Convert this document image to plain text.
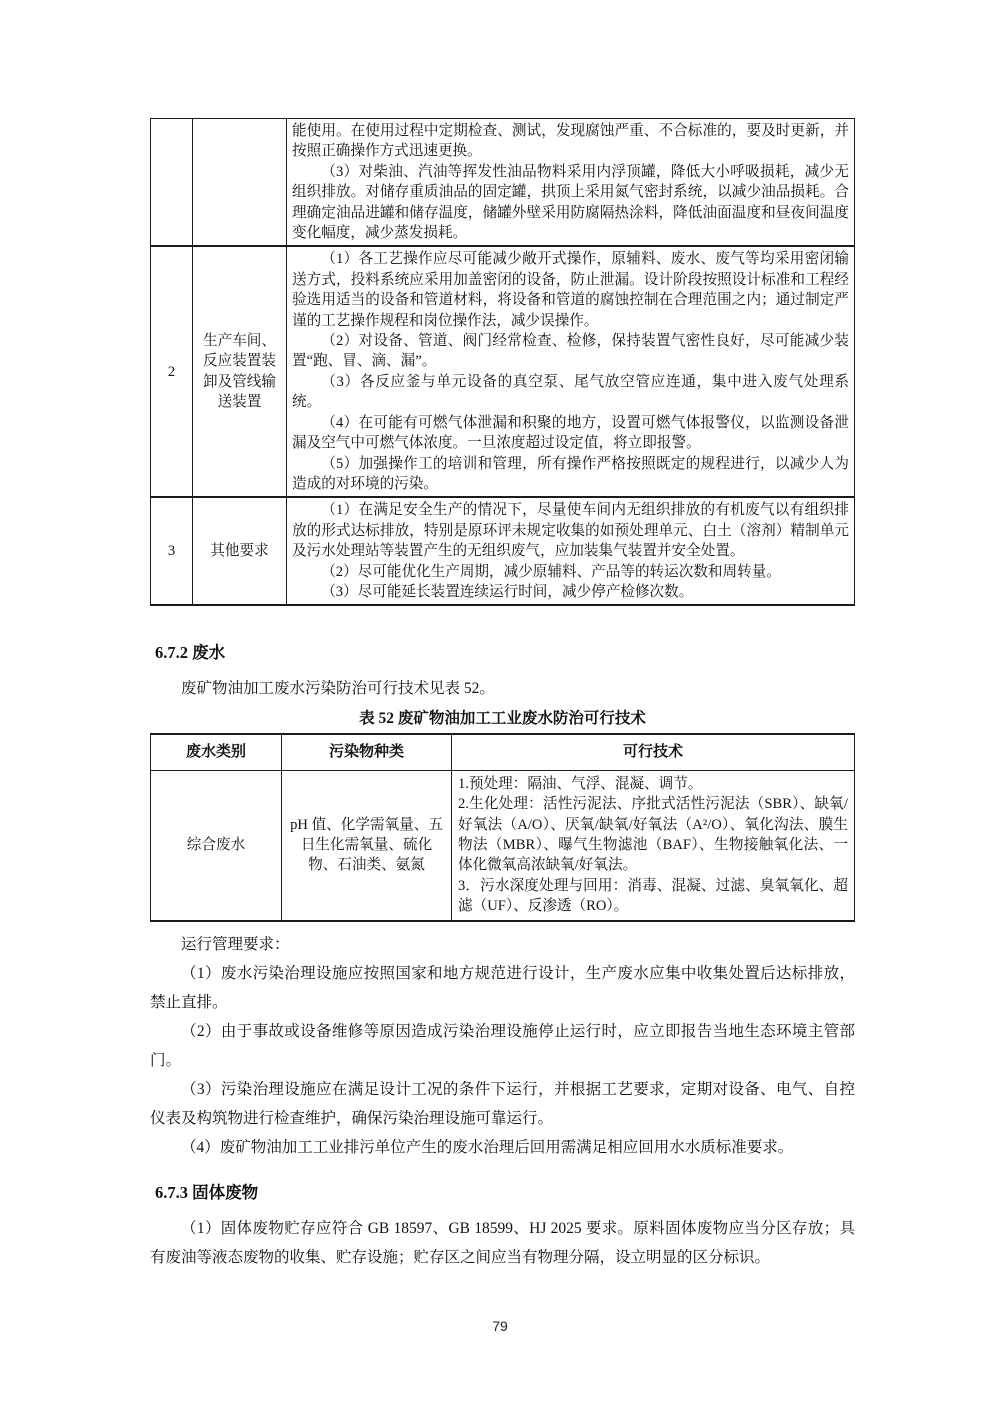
		能使用。在使用过程中定期检查、测试，发现腐蚀严重、不合标准的，要及时更新，并按照正确操作方式迅速更换。

（3）对柴油、汽油等挥发性油品物料采用内浮顶罐，降低大小呼吸损耗，减少无组织排放。对储存重质油品的固定罐，拱顶上采用氮气密封系统，以减少油品损耗。合理确定油品进罐和储存温度，储罐外壁采用防腐隔热涂料，降低油面温度和昼夜间温度变化幅度，减少蒸发损耗。

2	生产车间、反应装置装卸及管线输送装置	（1）各工艺操作应尽可能减少敞开式操作，原辅料、废水、废气等均采用密闭输送方式，投料系统应采用加盖密闭的设备，防止泄漏。设计阶段按照设计标准和工程经验选用适当的设备和管道材料，将设备和管道的腐蚀控制在合理范围之内；通过制定严谨的工艺操作规程和岗位操作法，减少误操作。

（2）对设备、管道、阀门经常检查、检修，保持装置气密性良好，尽可能减少装置“跑、冒、滴、漏”。

（3）各反应釜与单元设备的真空泵、尾气放空管应连通，集中进入废气处理系统。

（4）在可能有可燃气体泄漏和积聚的地方，设置可燃气体报警仪，以监测设备泄漏及空气中可燃气体浓度。一旦浓度超过设定值，将立即报警。

（5）加强操作工的培训和管理，所有操作严格按照既定的规程进行，以减少人为造成的对环境的污染。

3	其他要求	（1）在满足安全生产的情况下，尽量使车间内无组织排放的有机废气以有组织排放的形式达标排放，特别是原环评未规定收集的如预处理单元、白土（溶剂）精制单元及污水处理站等装置产生的无组织废气，应加装集气装置并安全处置。

（2）尽可能优化生产周期，减少原辅料、产品等的转运次数和周转量。

（3）尽可能延长装置连续运行时间，减少停产检修次数。

6.7.2 废水

废矿物油加工废水污染防治可行技术见表 52。

表 52 废矿物油加工工业废水防治可行技术
废水类别	污染物种类	可行技术
综合废水	pH 值、化学需氧量、五日生化需氧量、硫化物、石油类、氨氮	1.预处理：隔油、气浮、混凝、调节。

2.生化处理：活性污泥法、序批式活性污泥法（SBR）、缺氧/好氧法（A/O）、厌氧/缺氧/好氧法（A²/O）、氧化沟法、膜生物法（MBR）、曝气生物滤池（BAF）、生物接触氧化法、一体化微氧高浓缺氧/好氧法。

3．污水深度处理与回用：消毒、混凝、过滤、臭氧氧化、超滤（UF）、反渗透（RO）。

运行管理要求：

（1）废水污染治理设施应按照国家和地方规范进行设计，生产废水应集中收集处置后达标排放，禁止直排。

（2）由于事故或设备维修等原因造成污染治理设施停止运行时，应立即报告当地生态环境主管部门。

（3）污染治理设施应在满足设计工况的条件下运行，并根据工艺要求，定期对设备、电气、自控仪表及构筑物进行检查维护，确保污染治理设施可靠运行。

（4）废矿物油加工工业排污单位产生的废水治理后回用需满足相应回用水水质标准要求。

6.7.3 固体废物

（1）固体废物贮存应符合 GB 18597、GB 18599、HJ 2025 要求。原料固体废物应当分区存放；具有废油等液态废物的收集、贮存设施；贮存区之间应当有物理分隔，设立明显的区分标识。

79
